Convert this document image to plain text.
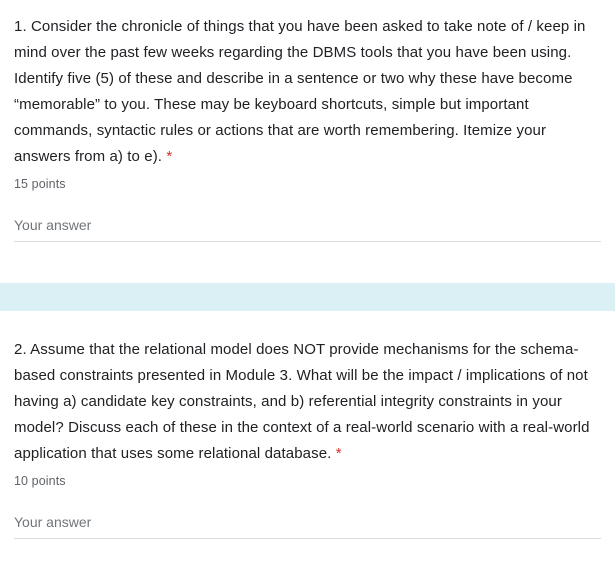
1. Consider the chronicle of things that you have been asked to take note of / keep in mind over the past few weeks regarding the DBMS tools that you have been using. Identify five (5) of these and describe in a sentence or two why these have become “memorable” to you. These may be keyboard shortcuts, simple but important commands, syntactic rules or actions that are worth remembering. Itemize your answers from a) to e). *
15 points
Your answer
2. Assume that the relational model does NOT provide mechanisms for the schema-based constraints presented in Module 3. What will be the impact / implications of not having a) candidate key constraints, and b) referential integrity constraints in your model? Discuss each of these in the context of a real-world scenario with a real-world application that uses some relational database. *
10 points
Your answer
